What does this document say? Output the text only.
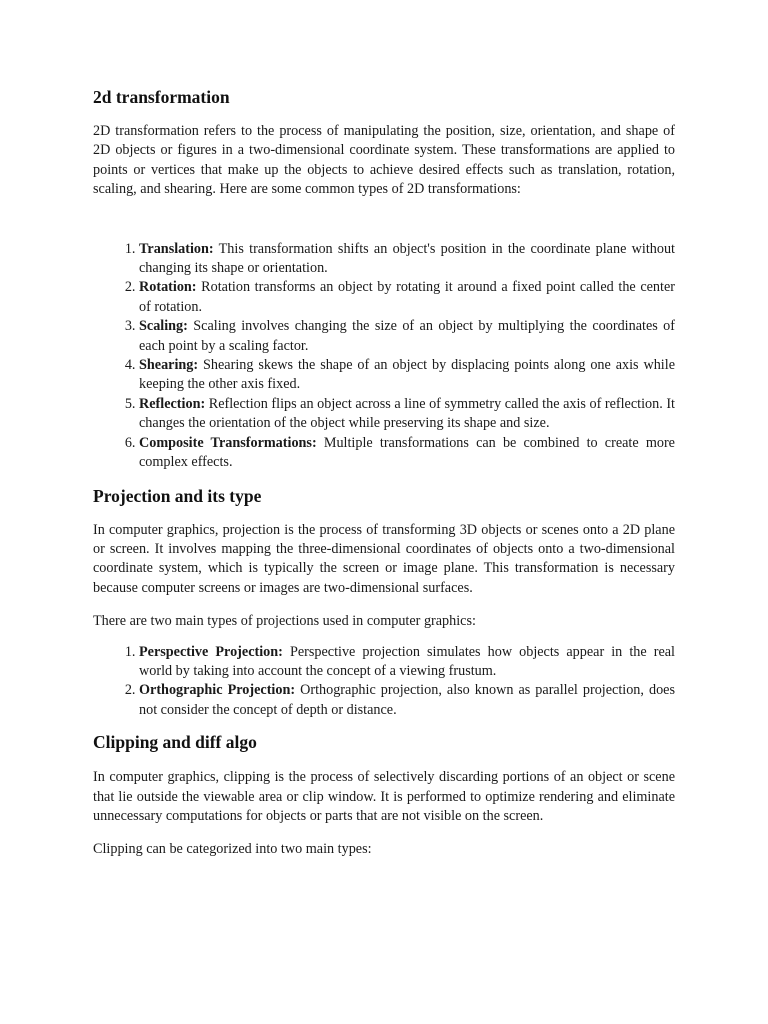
2d transformation

2D transformation refers to the process of manipulating the position, size, orientation, and shape of 2D objects or figures in a two-dimensional coordinate system. These transformations are applied to points or vertices that make up the objects to achieve desired effects such as translation, rotation, scaling, and shearing. Here are some common types of 2D transformations:

1. Translation: This transformation shifts an object's position in the coordinate plane without changing its shape or orientation.
2. Rotation: Rotation transforms an object by rotating it around a fixed point called the center of rotation.
3. Scaling: Scaling involves changing the size of an object by multiplying the coordinates of each point by a scaling factor.
4. Shearing: Shearing skews the shape of an object by displacing points along one axis while keeping the other axis fixed.
5. Reflection: Reflection flips an object across a line of symmetry called the axis of reflection. It changes the orientation of the object while preserving its shape and size.
6. Composite Transformations: Multiple transformations can be combined to create more complex effects.
Projection and its type

In computer graphics, projection is the process of transforming 3D objects or scenes onto a 2D plane or screen. It involves mapping the three-dimensional coordinates of objects onto a two-dimensional coordinate system, which is typically the screen or image plane. This transformation is necessary because computer screens or images are two-dimensional surfaces.

There are two main types of projections used in computer graphics:

1. Perspective Projection: Perspective projection simulates how objects appear in the real world by taking into account the concept of a viewing frustum.
2. Orthographic Projection: Orthographic projection, also known as parallel projection, does not consider the concept of depth or distance.
Clipping and diff algo

In computer graphics, clipping is the process of selectively discarding portions of an object or scene that lie outside the viewable area or clip window. It is performed to optimize rendering and eliminate unnecessary computations for objects or parts that are not visible on the screen.

Clipping can be categorized into two main types:
